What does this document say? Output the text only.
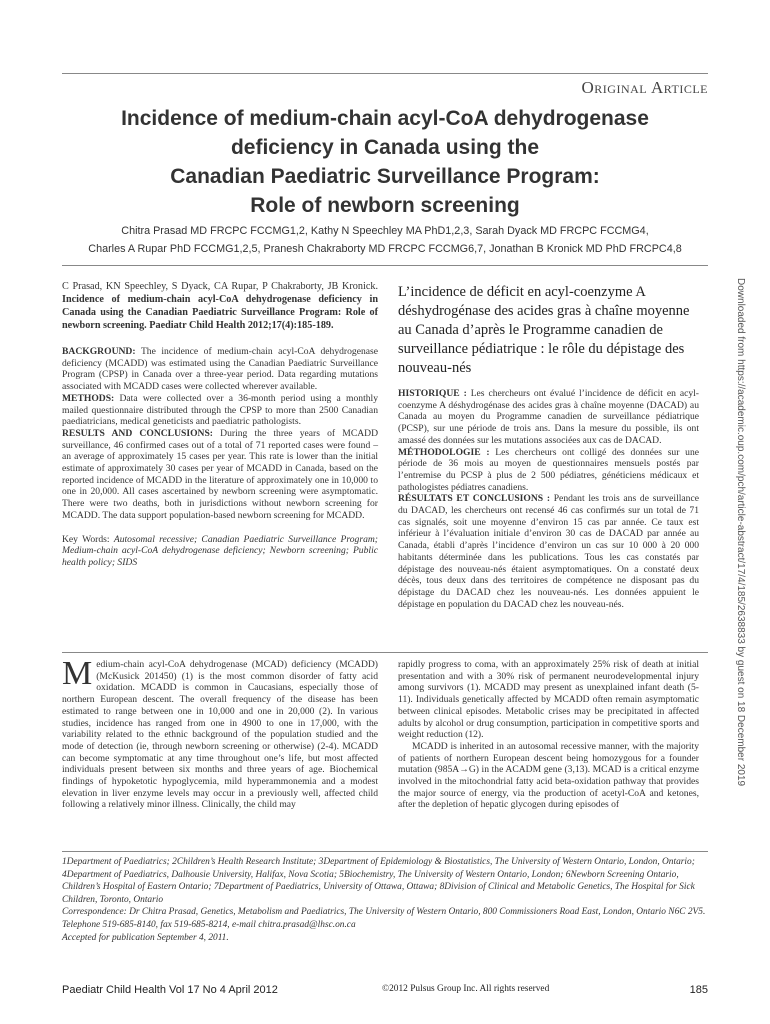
Original Article
Incidence of medium-chain acyl-CoA dehydrogenase
deficiency in Canada using the
Canadian Paediatric Surveillance Program:
Role of newborn screening
Chitra Prasad MD FRCPC FCCMG1,2, Kathy N Speechley MA PhD1,2,3, Sarah Dyack MD FRCPC FCCMG4,
Charles A Rupar PhD FCCMG1,2,5, Pranesh Chakraborty MD FRCPC FCCMG6,7, Jonathan B Kronick MD PhD FRCPC4,8

C Prasad, KN Speechley, S Dyack, CA Rupar, P Chakraborty, JB Kronick. Incidence of medium-chain acyl-CoA dehydrogenase deficiency in Canada using the Canadian Paediatric Surveillance Program: Role of newborn screening. Paediatr Child Health 2012;17(4):185-189.

BACKGROUND: The incidence of medium-chain acyl-CoA dehydrogenase deficiency (MCADD) was estimated using the Canadian Paediatric Surveillance Program (CPSP) in Canada over a three-year period. Data regarding mutations associated with MCADD cases were collected wherever available.

METHODS: Data were collected over a 36-month period using a monthly mailed questionnaire distributed through the CPSP to more than 2500 Canadian paediatricians, medical geneticists and paediatric pathologists.

RESULTS AND CONCLUSIONS: During the three years of MCADD surveillance, 46 confirmed cases out of a total of 71 reported cases were found – an average of approximately 15 cases per year. This rate is lower than the initial estimate of approximately 30 cases per year of MCADD in Canada, based on the reported incidence of MCADD in the literature of approximately one in 10,000 to one in 20,000. All cases ascertained by newborn screening were asymptomatic. There were two deaths, both in jurisdictions without newborn screening for MCADD. The data support population-based newborn screening for MCADD.

Key Words: Autosomal recessive; Canadian Paediatric Surveillance Program; Medium-chain acyl-CoA dehydrogenase deficiency; Newborn screening; Public health policy; SIDS

L’incidence de déficit en acyl-coenzyme A déshydrogénase des acides gras à chaîne moyenne au Canada d’après le Programme canadien de surveillance pédiatrique : le rôle du dépistage des nouveau-nés

HISTORIQUE : Les chercheurs ont évalué l’incidence de déficit en acyl-coenzyme A déshydrogénase des acides gras à chaîne moyenne (DACAD) au Canada au moyen du Programme canadien de surveillance pédiatrique (PCSP), sur une période de trois ans. Dans la mesure du possible, ils ont amassé des données sur les mutations associées aux cas de DACAD.

MÉTHODOLOGIE : Les chercheurs ont colligé des données sur une période de 36 mois au moyen de questionnaires mensuels postés par l’entremise du PCSP à plus de 2 500 pédiatres, généticiens médicaux et pathologistes pédiatres canadiens.

RÉSULTATS ET CONCLUSIONS : Pendant les trois ans de surveillance du DACAD, les chercheurs ont recensé 46 cas confirmés sur un total de 71 cas signalés, soit une moyenne d’environ 15 cas par année. Ce taux est inférieur à l’évaluation initiale d’environ 30 cas de DACAD par année au Canada, établi d’après l’incidence d’environ un cas sur 10 000 à 20 000 habitants déterminée dans les publications. Tous les cas constatés par dépistage des nouveau-nés étaient asymptomatiques. On a constaté deux décès, tous deux dans des territoires de compétence ne disposant pas du dépistage du DACAD chez les nouveau-nés. Les données appuient le dépistage en population du DACAD chez les nouveau-nés.

Medium-chain acyl-CoA dehydrogenase (MCAD) deficiency (MCADD) (McKusick 201450) (1) is the most common disorder of fatty acid oxidation. MCADD is common in Caucasians, especially those of northern European descent. The overall frequency of the disease has been estimated to range between one in 10,000 and one in 20,000 (2). In various studies, incidence has ranged from one in 4900 to one in 17,000, with the variability related to the ethnic background of the population studied and the mode of detection (ie, through newborn screening or otherwise) (2-4). MCADD can become symptomatic at any time throughout one’s life, but most affected individuals present between six months and three years of age. Biochemical findings of hypoketotic hypoglycemia, mild hyperammonemia and a modest elevation in liver enzyme levels may occur in a previously well, affected child following a relatively minor illness. Clinically, the child may

rapidly progress to coma, with an approximately 25% risk of death at initial presentation and with a 30% risk of permanent neurodevelopmental injury among survivors (1). MCADD may present as unexplained infant death (5-11). Individuals genetically affected by MCADD often remain asymptomatic between clinical episodes. Metabolic crises may be precipitated in affected adults by alcohol or drug consumption, participation in competitive sports and weight reduction (12).

MCADD is inherited in an autosomal recessive manner, with the majority of patients of northern European descent being homozygous for a founder mutation (985A→G) in the ACADM gene (3,13). MCAD is a critical enzyme involved in the mitochondrial fatty acid beta-oxidation pathway that provides the major source of energy, via the production of acetyl-CoA and ketones, after the depletion of hepatic glycogen during episodes of

1Department of Paediatrics; 2Children’s Health Research Institute; 3Department of Epidemiology & Biostatistics, The University of Western Ontario, London, Ontario; 4Department of Paediatrics, Dalhousie University, Halifax, Nova Scotia; 5Biochemistry, The University of Western Ontario, London; 6Newborn Screening Ontario, Children’s Hospital of Eastern Ontario; 7Department of Paediatrics, University of Ottawa, Ottawa; 8Division of Clinical and Metabolic Genetics, The Hospital for Sick Children, Toronto, Ontario

Correspondence: Dr Chitra Prasad, Genetics, Metabolism and Paediatrics, The University of Western Ontario, 800 Commissioners Road East, London, Ontario N6C 2V5. Telephone 519-685-8140, fax 519-685-8214, e-mail chitra.prasad@lhsc.on.ca

Accepted for publication September 4, 2011.

Paediatr Child Health Vol 17 No 4 April 2012	©2012 Pulsus Group Inc. All rights reserved	185
Downloaded from https://academic.oup.com/pch/article-abstract/17/4/185/2638833 by guest on 18 December 2019
